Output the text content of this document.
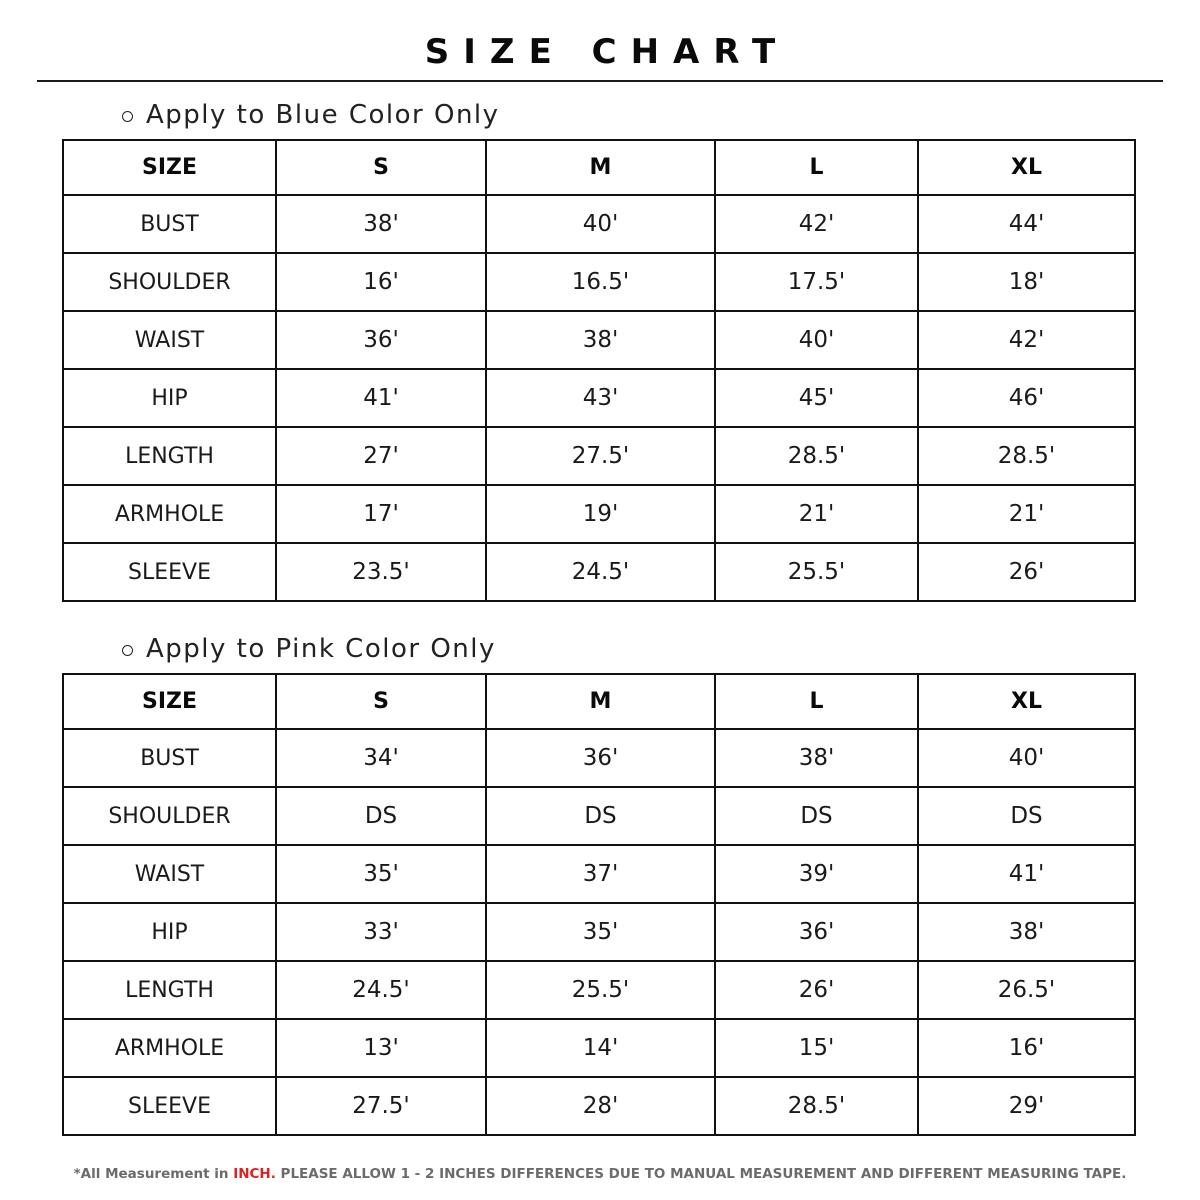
SIZE CHART
Apply to Blue Color Only
SIZE	S	M	L	XL
BUST	38'	40'	42'	44'
SHOULDER	16'	16.5'	17.5'	18'
WAIST	36'	38'	40'	42'
HIP	41'	43'	45'	46'
LENGTH	27'	27.5'	28.5'	28.5'
ARMHOLE	17'	19'	21'	21'
SLEEVE	23.5'	24.5'	25.5'	26'
Apply to Pink Color Only
SIZE	S	M	L	XL
BUST	34'	36'	38'	40'
SHOULDER	DS	DS	DS	DS
WAIST	35'	37'	39'	41'
HIP	33'	35'	36'	38'
LENGTH	24.5'	25.5'	26'	26.5'
ARMHOLE	13'	14'	15'	16'
SLEEVE	27.5'	28'	28.5'	29'
*All Measurement in INCH. PLEASE ALLOW 1 - 2 INCHES DIFFERENCES DUE TO MANUAL MEASUREMENT AND DIFFERENT MEASURING TAPE.
